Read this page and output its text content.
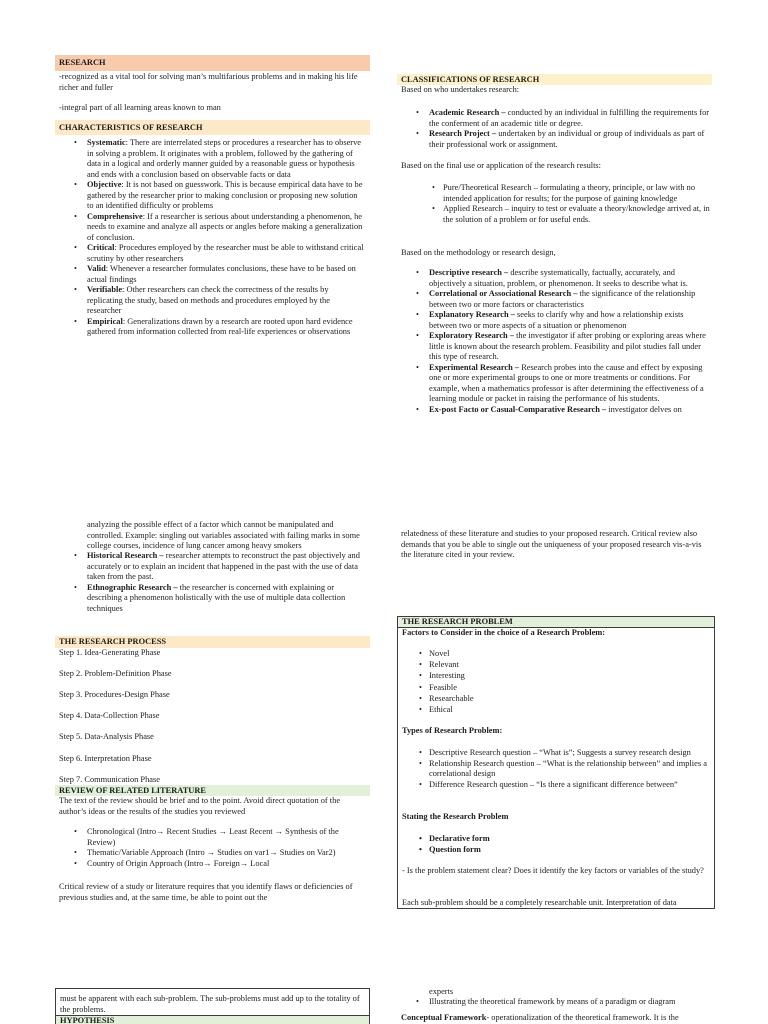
RESEARCH
-recognized as a vital tool for solving man’s multifarious problems and in making his life richer and fuller
-integral part of all learning areas known to man
CHARACTERISTICS OF RESEARCH
• Systematic: There are interrelated steps or procedures a researcher has to observe in solving a problem. It originates with a problem, followed by the gathering of data in a logical and orderly manner guided by a reasonable guess or hypothesis and ends with a conclusion based on observable facts or data
• Objective: It is not based on guesswork. This is because empirical data have to be gathered by the researcher prior to making conclusion or proposing new solution to an identified difficulty or problems
• Comprehensive: If a researcher is serious about understanding a phenomenon, he needs to examine and analyze all aspects or angles before making a generalization of conclusion.
• Critical: Procedures employed by the researcher must be able to withstand critical scrutiny by other researchers
• Valid: Whenever a researcher formulates conclusions, these have to be based on actual findings
• Verifiable: Other researchers can check the correctness of the results by replicating the study, based on methods and procedures employed by the researcher
• Empirical: Generalizations drawn by a research are rooted upon hard evidence gathered from information collected from real-life experiences or observations
CLASSIFICATIONS OF RESEARCH
Based on who undertakes research:
• Academic Research – conducted by an individual in fulfilling the requirements for the conferment of an academic title or degree.
• Research Project – undertaken by an individual or group of individuals as part of their professional work or assignment.
Based on the final use or application of the research results:
• Pure/Theoretical Research – formulating a theory, principle, or law with no intended application for results; for the purpose of gaining knowledge
• Applied Research – inquiry to test or evaluate a theory/knowledge arrived at, in the solution of a problem or for useful ends.
Based on the methodology or research design,
• Descriptive research – describe systematically, factually, accurately, and objectively a situation, problem, or phenomenon. It seeks to describe what is.
• Correlational or Associational Research – the significance of the relationship between two or more factors or characteristics
• Explanatory Research – seeks to clarify why and how a relationship exists between two or more aspects of a situation or phenomenon
• Exploratory Research – the investigator if after probing or exploring areas where little is known about the research problem. Feasibility and pilot studies fall under this type of research.
• Experimental Research – Research probes into the cause and effect by exposing one or more experimental groups to one or more treatments or conditions. For example, when a mathematics professor is after determining the effectiveness of a learning module or packet in raising the performance of his students.
• Ex-post Facto or Casual-Comparative Research – investigator delves on
analyzing the possible effect of a factor which cannot be manipulated and controlled. Example: singling out variables associated with failing marks in some college courses, incidence of lung cancer among heavy smokers
• Historical Research – researcher attempts to reconstruct the past objectively and accurately or to explain an incident that happened in the past with the use of data taken from the past.
• Ethnographic Research – the researcher is concerned with explaining or describing a phenomenon holistically with the use of multiple data collection techniques
THE RESEARCH PROCESS
Step 1. Idea-Generating Phase
Step 2. Problem-Definition Phase
Step 3. Procedures-Design Phase
Step 4. Data-Collection Phase
Step 5. Data-Analysis Phase
Step 6. Interpretation Phase
Step 7. Communication Phase
REVIEW OF RELATED LITERATURE
The text of the review should be brief and to the point. Avoid direct quotation of the author’s ideas or the results of the studies you reviewed
• Chronological (Intro→ Recent Studies → Least Recent → Synthesis of the Review)
• Thematic/Variable Approach (Intro → Studies on var1→ Studies on Var2)
• Country of Origin Approach (Intro→ Foreign→ Local
Critical review of a study or literature requires that you identify flaws or deficiencies of previous studies and, at the same time, be able to point out the
relatedness of these literature and studies to your proposed research. Critical review also demands that you be able to single out the uniqueness of your proposed research vis-a-vis the literature cited in your review.
THE RESEARCH PROBLEM
Factors to Consider in the choice of a Research Problem:
• Novel
• Relevant
• Interesting
• Feasible
• Researchable
• Ethical
Types of Research Problem:
• Descriptive Research question – “What is”; Suggests a survey research design
• Relationship Research question – “What is the relationship between” and implies a correlational design
• Difference Research question – “Is there a significant difference between”
Stating the Research Problem
• Declarative form
• Question form
- Is the problem statement clear? Does it identify the key factors or variables of the study?
Each sub-problem should be a completely researchable unit. Interpretation of data
must be apparent with each sub-problem. The sub-problems must add up to the totality of the problems.
HYPOTHESIS
experts
• Illustrating the theoretical framework by means of a paradigm or diagram
Conceptual Framework- operationalization of the theoretical framework. It is the
